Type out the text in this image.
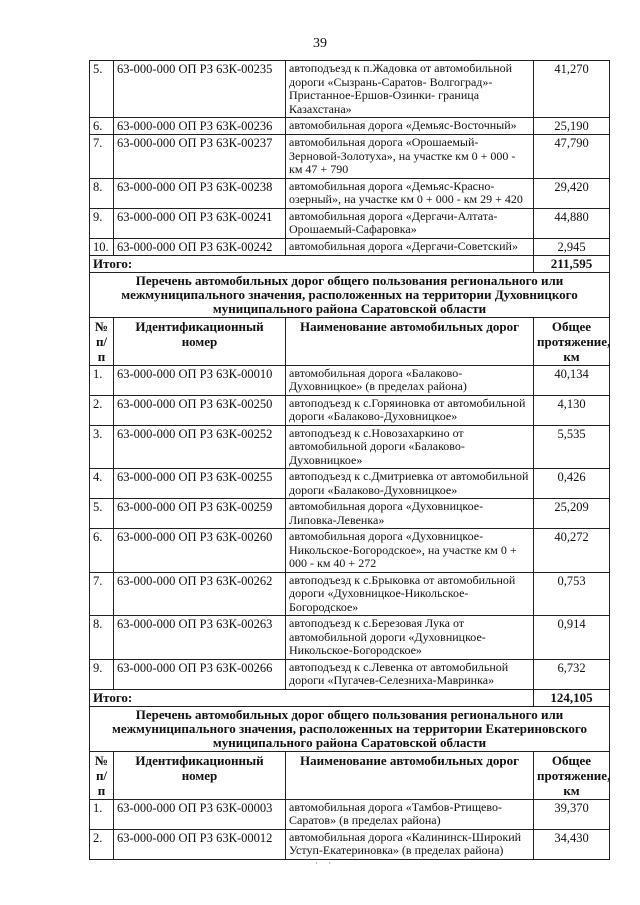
39
5.	63-000-000 ОП РЗ 63К-00235	автоподъезд к п.Жадовка от автомобильной дороги «Сызрань-Саратов- Волгоград»-Пристанное-Ершов-Озинки- граница Казахстана»	41,270
6.	63-000-000 ОП РЗ 63К-00236	автомобильная дорога «Демьяс-Восточный»	25,190
7.	63-000-000 ОП РЗ 63К-00237	автомобильная дорога «Орошаемый-Зерновой-Золотуха», на участке км 0 + 000 - км 47 + 790	47,790
8.	63-000-000 ОП РЗ 63К-00238	автомобильная дорога «Демьяс-Красно-озерный», на участке км 0 + 000 - км 29 + 420	29,420
9.	63-000-000 ОП РЗ 63К-00241	автомобильная дорога «Дергачи-Алтата-Орошаемый-Сафаровка»	44,880
10.	63-000-000 ОП РЗ 63К-00242	автомобильная дорога «Дергачи-Советский»	2,945
Итого:			211,595
Перечень автомобильных дорог общего пользования регионального или межмуниципального значения, расположенных на территории Духовницкого муниципального района Саратовской области			
№ п/п	Идентификационный номер	Наименование автомобильных дорог	Общее протяжение, км
1.	63-000-000 ОП РЗ 63К-00010	автомобильная дорога «Балаково-Духовницкое» (в пределах района)	40,134
2.	63-000-000 ОП РЗ 63К-00250	автоподъезд к с.Горяиновка от автомобильной дороги «Балаково-Духовницкое»	4,130
3.	63-000-000 ОП РЗ 63К-00252	автоподъезд к с.Новозахаркино от автомобильной дороги «Балаково-Духовницкое»	5,535
4.	63-000-000 ОП РЗ 63К-00255	автоподъезд к с.Дмитриевка от автомобильной дороги «Балаково-Духовницкое»	0,426
5.	63-000-000 ОП РЗ 63К-00259	автомобильная дорога «Духовницкое-Липовка-Левенка»	25,209
6.	63-000-000 ОП РЗ 63К-00260	автомобильная дорога «Духовницкое-Никольское-Богородское», на участке км 0 + 000 - км 40 + 272	40,272
7.	63-000-000 ОП РЗ 63К-00262	автоподъезд к с.Брыковка от автомобильной дороги «Духовницкое-Никольское-Богородское»	0,753
8.	63-000-000 ОП РЗ 63К-00263	автоподъезд к с.Березовая Лука от автомобильной дороги «Духовницкое-Никольское-Богородское»	0,914
9.	63-000-000 ОП РЗ 63К-00266	автоподъезд к с.Левенка от автомобильной дороги «Пугачев-Селезниха-Мавринка»	6,732
Итого:			124,105
Перечень автомобильных дорог общего пользования регионального или межмуниципального значения, расположенных на территории Екатериновского муниципального района Саратовской области			
№ п/п	Идентификационный номер	Наименование автомобильных дорог	Общее протяжение, км
1.	63-000-000 ОП РЗ 63К-00003	автомобильная дорога «Тамбов-Ртищево-Саратов» (в пределах района)	39,370
2.	63-000-000 ОП РЗ 63К-00012	автомобильная дорога «Калининск-Широкий Уступ-Екатериновка» (в пределах района)	34,430
· ·
